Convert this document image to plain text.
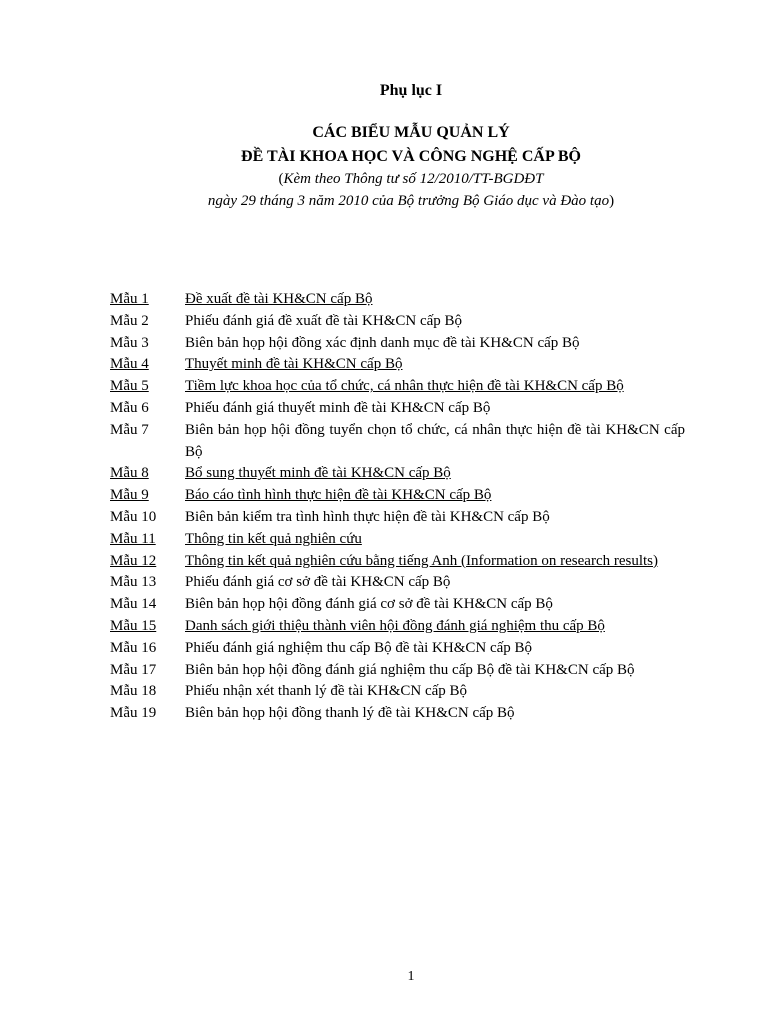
Phụ lục I
CÁC BIỂU MẪU QUẢN LÝ
ĐỀ TÀI KHOA HỌC VÀ CÔNG NGHỆ CẤP BỘ
(Kèm theo Thông tư số 12/2010/TT-BGDĐT
ngày 29 tháng 3 năm 2010 của Bộ trưởng Bộ Giáo dục và Đào tạo)
Mẫu 1	Đề xuất đề tài KH&CN cấp Bộ
Mẫu 2	Phiếu đánh giá đề xuất đề tài KH&CN cấp Bộ
Mẫu 3	Biên bản họp hội đồng xác định danh mục đề tài KH&CN cấp Bộ
Mẫu 4	Thuyết minh đề tài KH&CN cấp Bộ
Mẫu 5	Tiềm lực khoa học của tổ chức, cá nhân thực hiện đề tài KH&CN cấp Bộ
Mẫu 6	Phiếu đánh giá thuyết minh đề tài KH&CN cấp Bộ
Mẫu 7	Biên bản họp hội đồng tuyển chọn tổ chức, cá nhân thực hiện đề tài KH&CN cấp Bộ
Mẫu 8	Bổ sung thuyết minh đề tài KH&CN cấp Bộ
Mẫu 9	Báo cáo tình hình thực hiện đề tài KH&CN cấp Bộ
Mẫu 10	Biên bản kiểm tra tình hình thực hiện đề tài KH&CN cấp Bộ
Mẫu 11	Thông tin kết quả nghiên cứu
Mẫu 12	Thông tin kết quả nghiên cứu bằng tiếng Anh (Information on research results)
Mẫu 13	Phiếu đánh giá cơ sở đề tài KH&CN cấp Bộ
Mẫu 14	Biên bản họp hội đồng đánh giá cơ sở đề tài KH&CN cấp Bộ
Mẫu 15	Danh sách giới thiệu thành viên hội đồng đánh giá nghiệm thu cấp Bộ
Mẫu 16	Phiếu đánh giá nghiệm thu cấp Bộ đề tài KH&CN cấp Bộ
Mẫu 17	Biên bản họp hội đồng đánh giá nghiệm thu cấp Bộ đề tài KH&CN cấp Bộ
Mẫu 18	Phiếu nhận xét thanh lý đề tài KH&CN cấp Bộ
Mẫu 19	Biên bản họp hội đồng thanh lý đề tài KH&CN cấp Bộ
1
